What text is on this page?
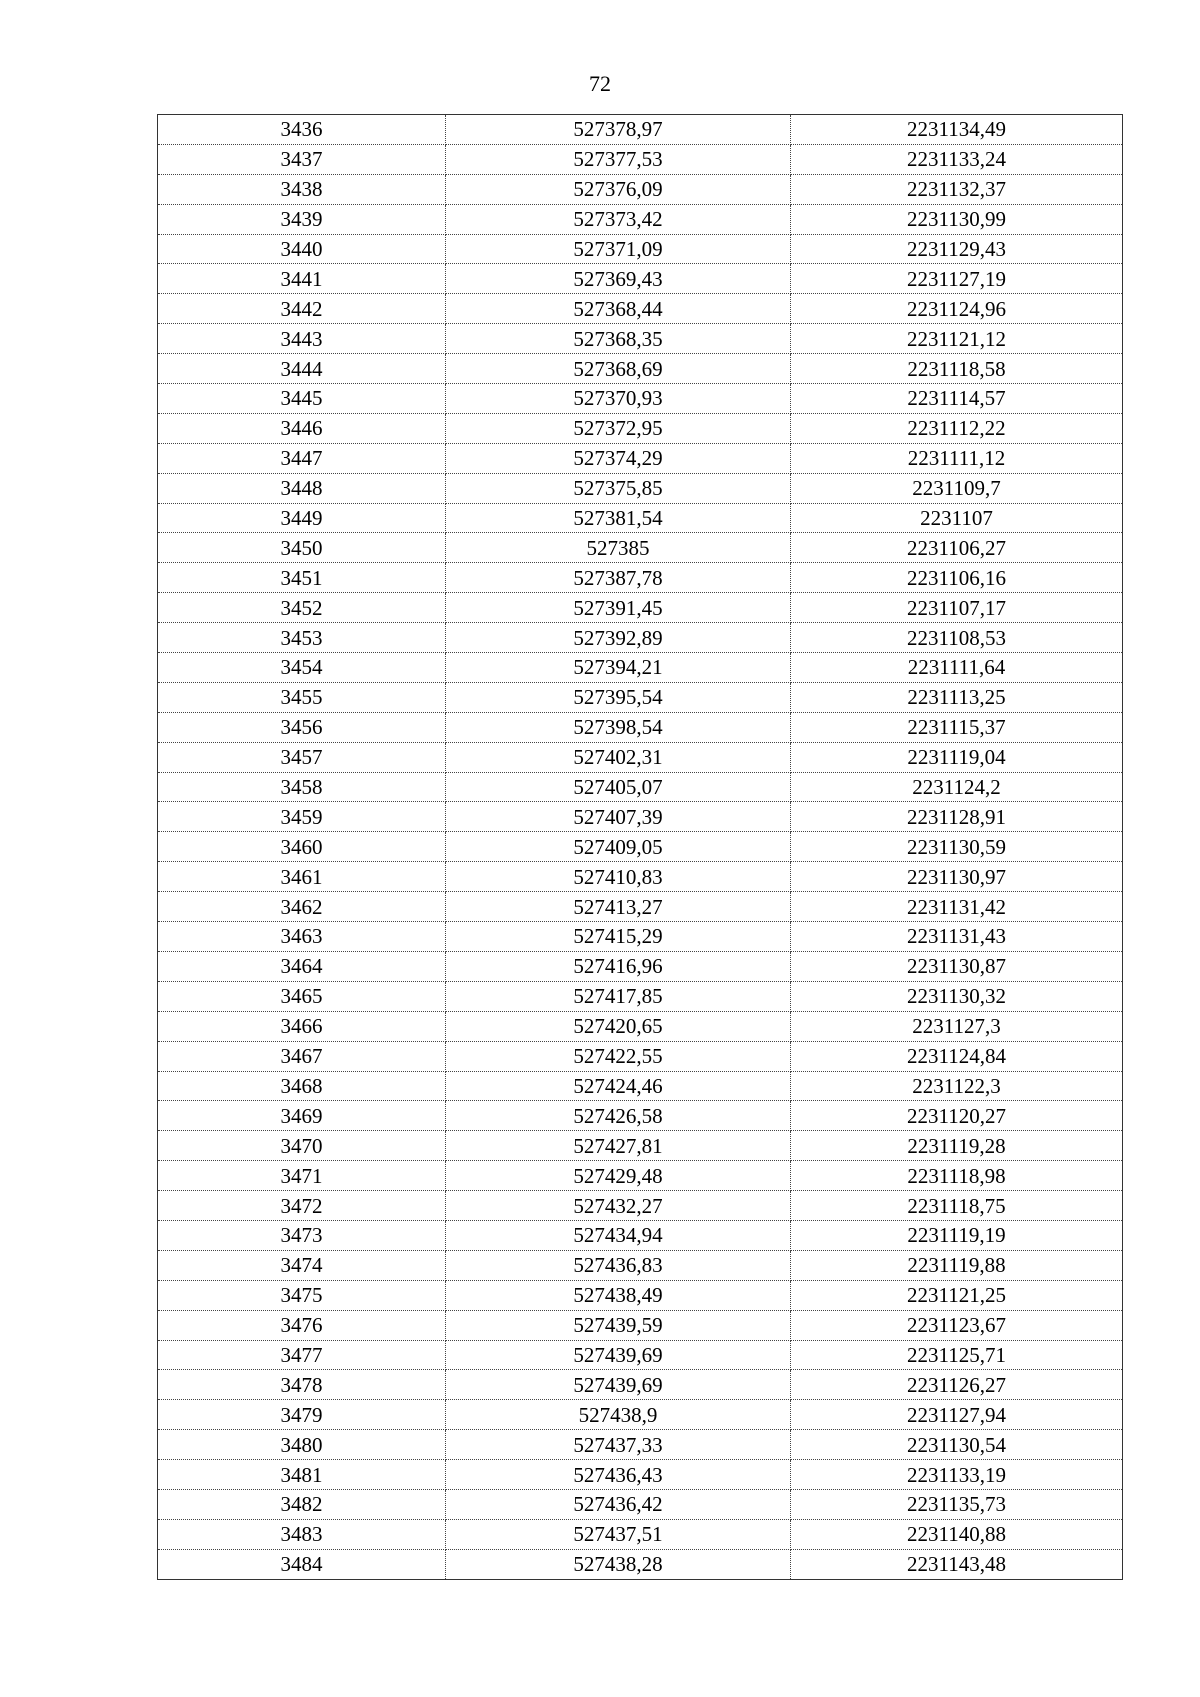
72
3436	527378,97	2231134,49
3437	527377,53	2231133,24
3438	527376,09	2231132,37
3439	527373,42	2231130,99
3440	527371,09	2231129,43
3441	527369,43	2231127,19
3442	527368,44	2231124,96
3443	527368,35	2231121,12
3444	527368,69	2231118,58
3445	527370,93	2231114,57
3446	527372,95	2231112,22
3447	527374,29	2231111,12
3448	527375,85	2231109,7
3449	527381,54	2231107
3450	527385	2231106,27
3451	527387,78	2231106,16
3452	527391,45	2231107,17
3453	527392,89	2231108,53
3454	527394,21	2231111,64
3455	527395,54	2231113,25
3456	527398,54	2231115,37
3457	527402,31	2231119,04
3458	527405,07	2231124,2
3459	527407,39	2231128,91
3460	527409,05	2231130,59
3461	527410,83	2231130,97
3462	527413,27	2231131,42
3463	527415,29	2231131,43
3464	527416,96	2231130,87
3465	527417,85	2231130,32
3466	527420,65	2231127,3
3467	527422,55	2231124,84
3468	527424,46	2231122,3
3469	527426,58	2231120,27
3470	527427,81	2231119,28
3471	527429,48	2231118,98
3472	527432,27	2231118,75
3473	527434,94	2231119,19
3474	527436,83	2231119,88
3475	527438,49	2231121,25
3476	527439,59	2231123,67
3477	527439,69	2231125,71
3478	527439,69	2231126,27
3479	527438,9	2231127,94
3480	527437,33	2231130,54
3481	527436,43	2231133,19
3482	527436,42	2231135,73
3483	527437,51	2231140,88
3484	527438,28	2231143,48
